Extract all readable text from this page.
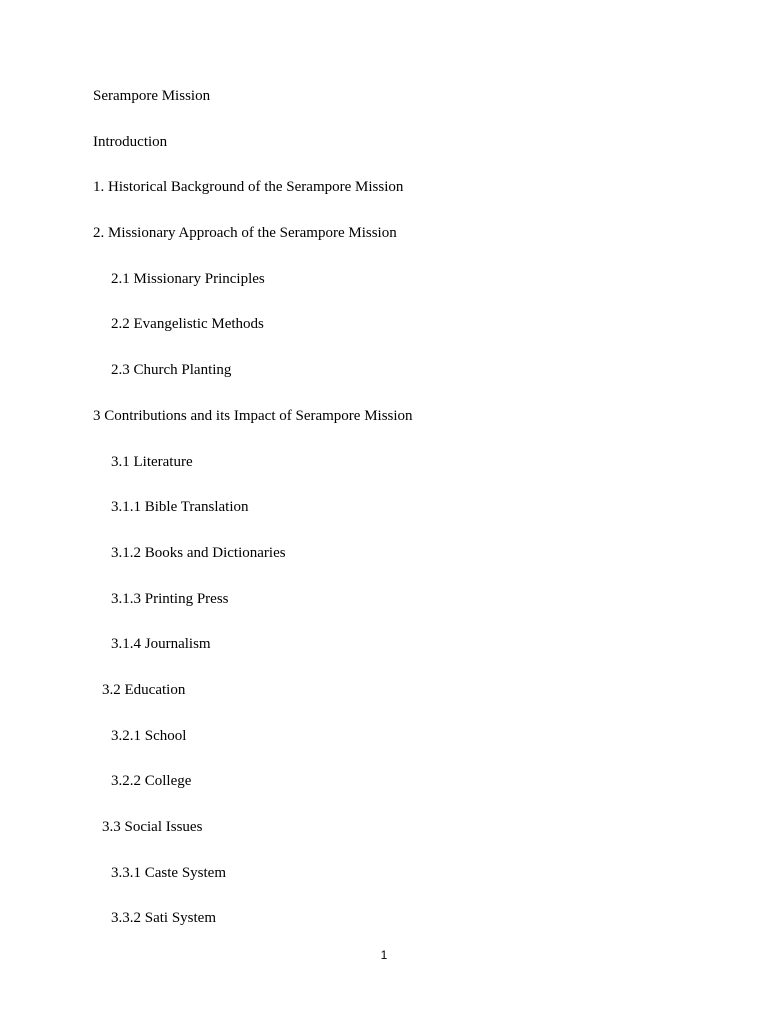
Serampore Mission
Introduction
1. Historical Background of the Serampore Mission
2. Missionary Approach of the Serampore Mission
2.1 Missionary Principles
2.2 Evangelistic Methods
2.3 Church Planting
3 Contributions and its Impact of Serampore Mission
3.1 Literature
3.1.1 Bible Translation
3.1.2 Books and Dictionaries
3.1.3 Printing Press
3.1.4 Journalism
3.2 Education
3.2.1 School
3.2.2 College
3.3 Social Issues
3.3.1 Caste System
3.3.2 Sati System
1
